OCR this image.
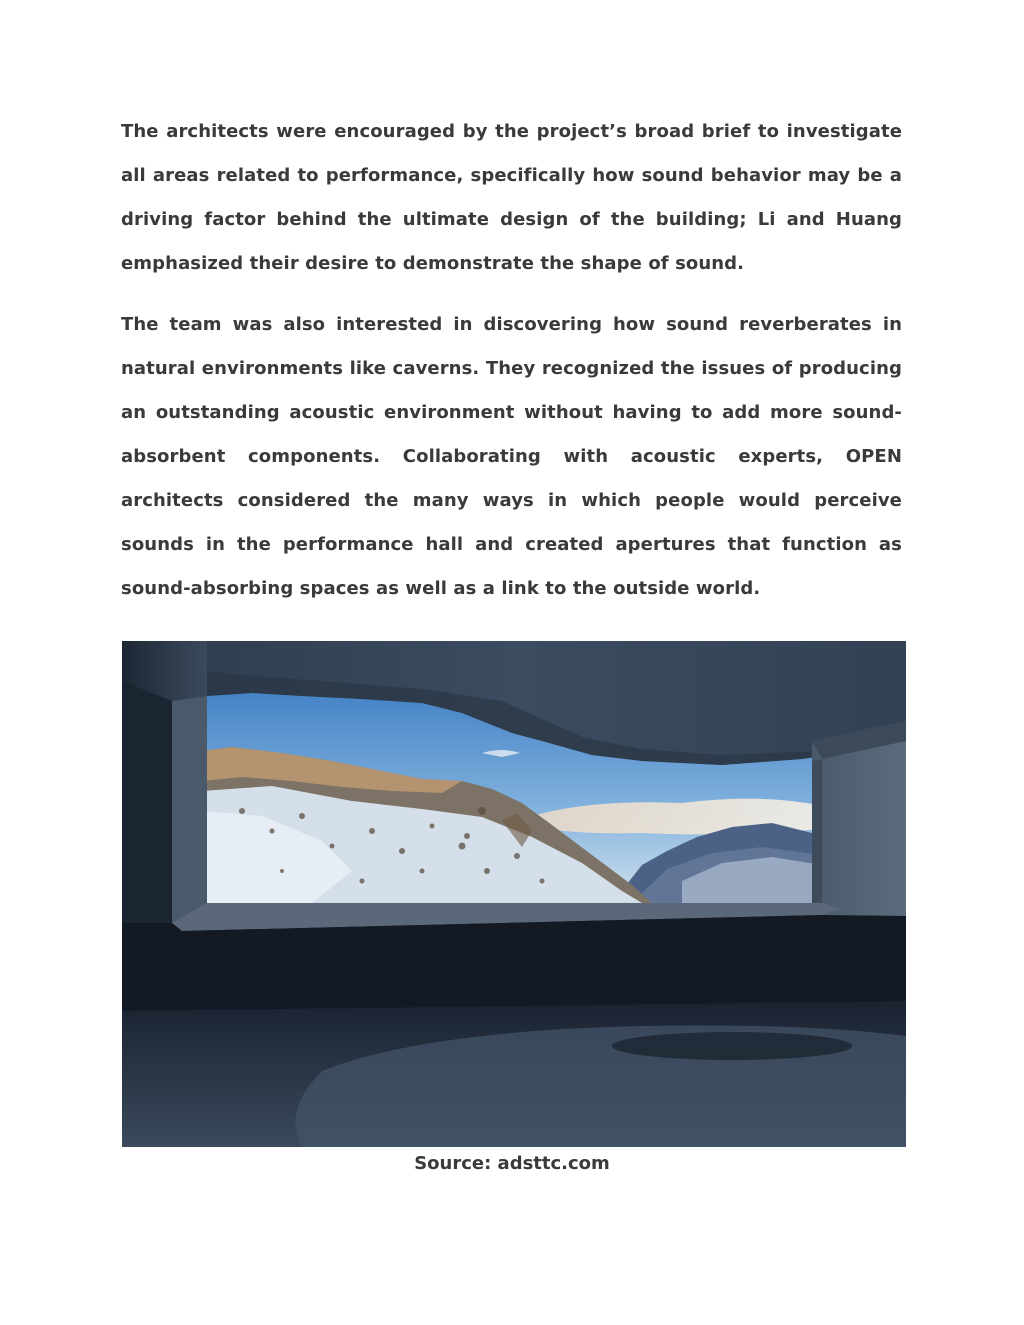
The architects were encouraged by the project’s broad brief to investigate all areas related to performance, specifically how sound behavior may be a driving factor behind the ultimate design of the building; Li and Huang emphasized their desire to demonstrate the shape of sound.

The team was also interested in discovering how sound reverberates in natural environments like caverns. They recognized the issues of producing an outstanding acoustic environment without having to add more sound-absorbent components. Collaborating with acoustic experts, OPEN architects considered the many ways in which people would perceive sounds in the performance hall and created apertures that function as sound-absorbing spaces as well as a link to the outside world.

Source: adsttc.com
